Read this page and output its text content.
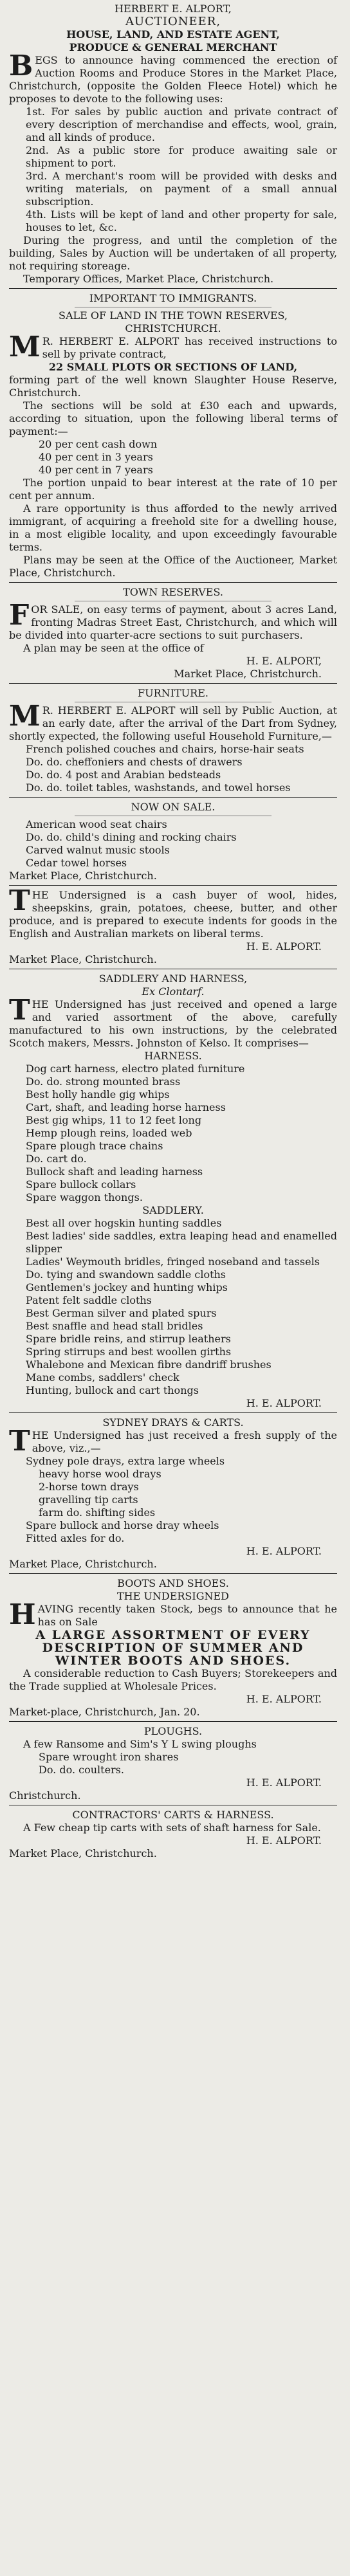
HERBERT E. ALPORT,

AUCTIONEER,

HOUSE, LAND, AND ESTATE AGENT,

PRODUCE & GENERAL MERCHANT

BEGS to announce having commenced the erection of Auction Rooms and Produce Stores in the Market Place, Christchurch, (opposite the Golden Fleece Hotel) which he proposes to devote to the following uses:

1st. For sales by public auction and private contract of every description of merchandise and effects, wool, grain, and all kinds of produce.

2nd. As a public store for produce awaiting sale or shipment to port.

3rd. A merchant's room will be provided with desks and writing materials, on payment of a small annual subscription.

4th. Lists will be kept of land and other property for sale, houses to let, &c.

During the progress, and until the completion of the building, Sales by Auction will be undertaken of all property, not requiring storeage.

Temporary Offices, Market Place, Christchurch.

IMPORTANT TO IMMIGRANTS.

SALE OF LAND IN THE TOWN RESERVES,

CHRISTCHURCH.

MR. HERBERT E. ALPORT has received instructions to sell by private contract,

22 SMALL PLOTS OR SECTIONS OF LAND,

forming part of the well known Slaughter House Reserve, Christchurch.

The sections will be sold at £30 each and upwards, according to situation, upon the following liberal terms of payment:—

20 per cent cash down

40 per cent in 3 years

40 per cent in 7 years

The portion unpaid to bear interest at the rate of 10 per cent per annum.

A rare opportunity is thus afforded to the newly arrived immigrant, of acquiring a freehold site for a dwelling house, in a most eligible locality, and upon exceedingly favourable terms.

Plans may be seen at the Office of the Auctioneer, Market Place, Christchurch.

TOWN RESERVES.

FOR SALE, on easy terms of payment, about 3 acres Land, fronting Madras Street East, Christchurch, and which will be divided into quarter-acre sections to suit purchasers.

A plan may be seen at the office of

H. E. ALPORT,

Market Place, Christchurch.

FURNITURE.

MR. HERBERT E. ALPORT will sell by Public Auction, at an early date, after the arrival of the Dart from Sydney, shortly expected, the following useful Household Furniture,—

French polished couches and chairs, horse-hair seats

Do. do. cheffoniers and chests of drawers

Do. do. 4 post and Arabian bedsteads

Do. do. toilet tables, washstands, and towel horses

NOW ON SALE.

American wood seat chairs

Do. do. child's dining and rocking chairs

Carved walnut music stools

Cedar towel horses

Market Place, Christchurch.

THE Undersigned is a cash buyer of wool, hides, sheepskins, grain, potatoes, cheese, butter, and other produce, and is prepared to execute indents for goods in the English and Australian markets on liberal terms.

H. E. ALPORT.

Market Place, Christchurch.

SADDLERY AND HARNESS,

Ex Clontarf.

THE Undersigned has just received and opened a large and varied assortment of the above, carefully manufactured to his own instructions, by the celebrated Scotch makers, Messrs. Johnston of Kelso. It comprises—

HARNESS.

Dog cart harness, electro plated furniture

Do. do. strong mounted brass

Best holly handle gig whips

Cart, shaft, and leading horse harness

Best gig whips, 11 to 12 feet long

Hemp plough reins, loaded web

Spare plough trace chains

Do. cart do.

Bullock shaft and leading harness

Spare bullock collars

Spare waggon thongs.

SADDLERY.

Best all over hogskin hunting saddles

Best ladies' side saddles, extra leaping head and enamelled slipper

Ladies' Weymouth bridles, fringed noseband and tassels

Do. tying and swandown saddle cloths

Gentlemen's jockey and hunting whips

Patent felt saddle cloths

Best German silver and plated spurs

Best snaffle and head stall bridles

Spare bridle reins, and stirrup leathers

Spring stirrups and best woollen girths

Whalebone and Mexican fibre dandriff brushes

Mane combs, saddlers' check

Hunting, bullock and cart thongs

H. E. ALPORT.

SYDNEY DRAYS & CARTS.

THE Undersigned has just received a fresh supply of the above, viz.,—

Sydney pole drays, extra large wheels

heavy horse wool drays

2-horse town drays

gravelling tip carts

farm do. shifting sides

Spare bullock and horse dray wheels

Fitted axles for do.

H. E. ALPORT.

Market Place, Christchurch.

BOOTS AND SHOES.

THE UNDERSIGNED

HAVING recently taken Stock, begs to announce that he has on Sale

A LARGE ASSORTMENT OF EVERY

DESCRIPTION OF SUMMER AND

WINTER BOOTS AND SHOES.

A considerable reduction to Cash Buyers; Storekeepers and the Trade supplied at Wholesale Prices.

H. E. ALPORT.

Market-place, Christchurch, Jan. 20.

PLOUGHS.

A few Ransome and Sim's Y L swing ploughs

Spare wrought iron shares

Do. do. coulters.

H. E. ALPORT.

Christchurch.

CONTRACTORS' CARTS & HARNESS.

A Few cheap tip carts with sets of shaft harness for Sale.

H. E. ALPORT.

Market Place, Christchurch.
